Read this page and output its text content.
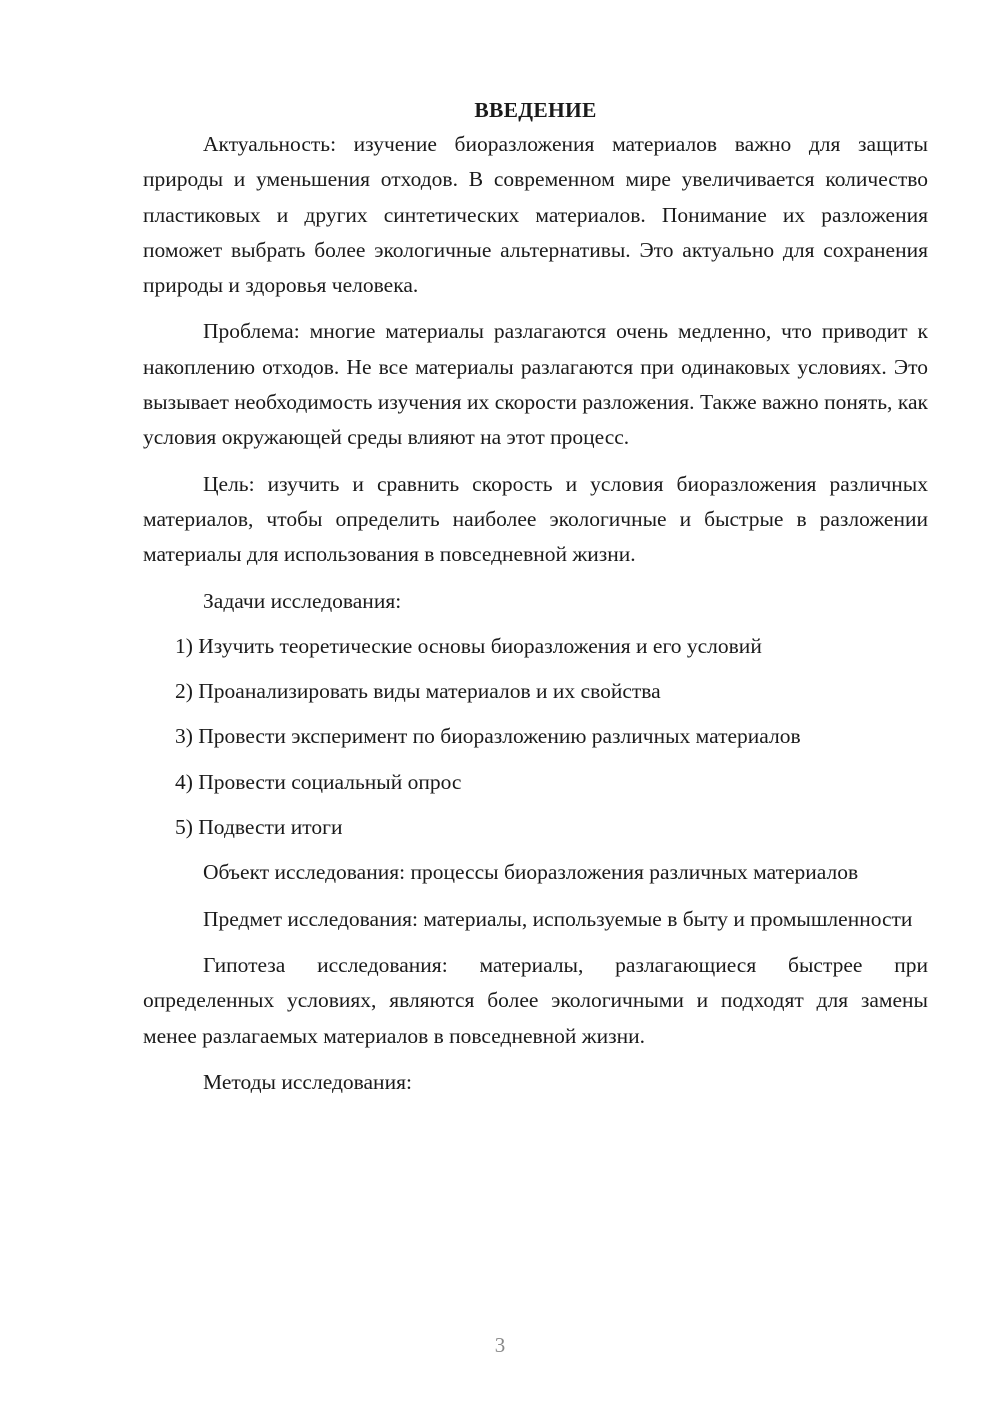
ВВЕДЕНИЕ

Актуальность: изучение биоразложения материалов важно для защиты природы и уменьшения отходов. В современном мире увеличивается количество пластиковых и других синтетических материалов. Понимание их разложения поможет выбрать более экологичные альтернативы. Это актуально для сохранения природы и здоровья человека.

Проблема: многие материалы разлагаются очень медленно, что приводит к накоплению отходов. Не все материалы разлагаются при одинаковых условиях. Это вызывает необходимость изучения их скорости разложения. Также важно понять, как условия окружающей среды влияют на этот процесс.

Цель: изучить и сравнить скорость и условия биоразложения различных материалов, чтобы определить наиболее экологичные и быстрые в разложении материалы для использования в повседневной жизни.

Задачи исследования:

1) Изучить теоретические основы биоразложения и его условий
2) Проанализировать виды материалов и их свойства
3) Провести эксперимент по биоразложению различных материалов
4) Провести социальный опрос
5) Подвести итоги

Объект исследования: процессы биоразложения различных материалов

Предмет исследования: материалы, используемые в быту и промышленности

Гипотеза исследования: материалы, разлагающиеся быстрее при определенных условиях, являются более экологичными и подходят для замены менее разлагаемых материалов в повседневной жизни.

Методы исследования:

3
